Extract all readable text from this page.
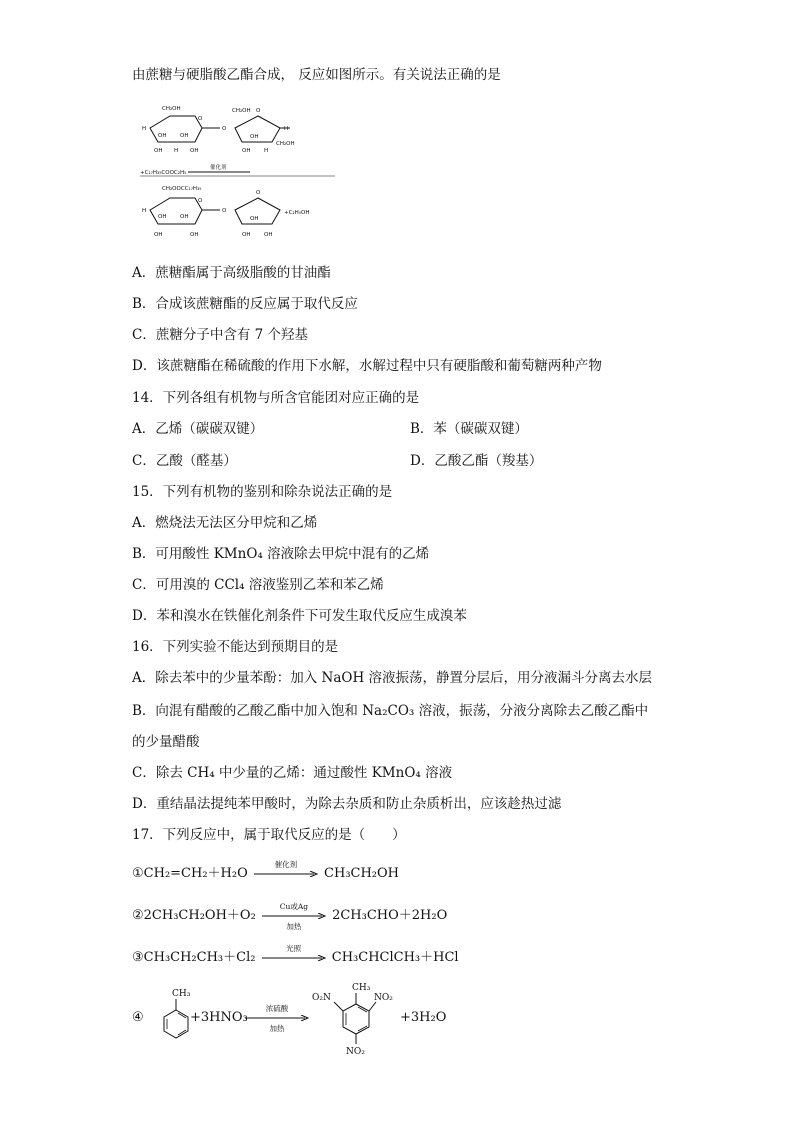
由蔗糖与硬脂酸乙酯合成， 反应如图所示。有关说法正确的是
CH₂OH
H
OH OH
O
OH H OH
O
CH₂OH O
H
OH
CH₂OH
OH H
+C₁₇H₃₅COOC₂H₅
催化剂
CH₂OOCC₁₇H₃₅
H
OH OH
O
OH	OH
O
O
+C₂H₅OH
OH
OH OH
A．蔗糖酯属于高级脂酸的甘油酯
B．合成该蔗糖酯的反应属于取代反应
C．蔗糖分子中含有 7 个羟基
D．该蔗糖酯在稀硫酸的作用下水解，水解过程中只有硬脂酸和葡萄糖两种产物
14．下列各组有机物与所含官能团对应正确的是
A．乙烯（碳碳双键）	B．苯（碳碳双键）
C．乙酸（醛基）	D．乙酸乙酯（羧基）
15．下列有机物的鉴别和除杂说法正确的是
A．燃烧法无法区分甲烷和乙烯
B．可用酸性 KMnO₄ 溶液除去甲烷中混有的乙烯
C．可用溴的 CCl₄ 溶液鉴别乙苯和苯乙烯
D．苯和溴水在铁催化剂条件下可发生取代反应生成溴苯
16．下列实验不能达到预期目的是
A．除去苯中的少量苯酚：加入 NaOH 溶液振荡，静置分层后，用分液漏斗分离去水层
B．向混有醋酸的乙酸乙酯中加入饱和 Na₂CO₃ 溶液，振荡，分液分离除去乙酸乙酯中
的少量醋酸
C．除去 CH₄ 中少量的乙烯：通过酸性 KMnO₄ 溶液
D．重结晶法提纯苯甲酸时，为除去杂质和防止杂质析出，应该趁热过滤
17．下列反应中，属于取代反应的是（　　）
①CH₂=CH₂＋H₂O
催化剂
CH₃CH₂OH
②2CH₃CH₂OH＋O₂
Cu或Ag
加热
2CH₃CHO＋2H₂O
③CH₃CH₂CH₃＋Cl₂
光照
CH₃CHClCH₃＋HCl
④
CH₃
+3HNO₃
浓硫酸
加热
CH₃
O₂N	NO₂
NO₂
+3H₂O
